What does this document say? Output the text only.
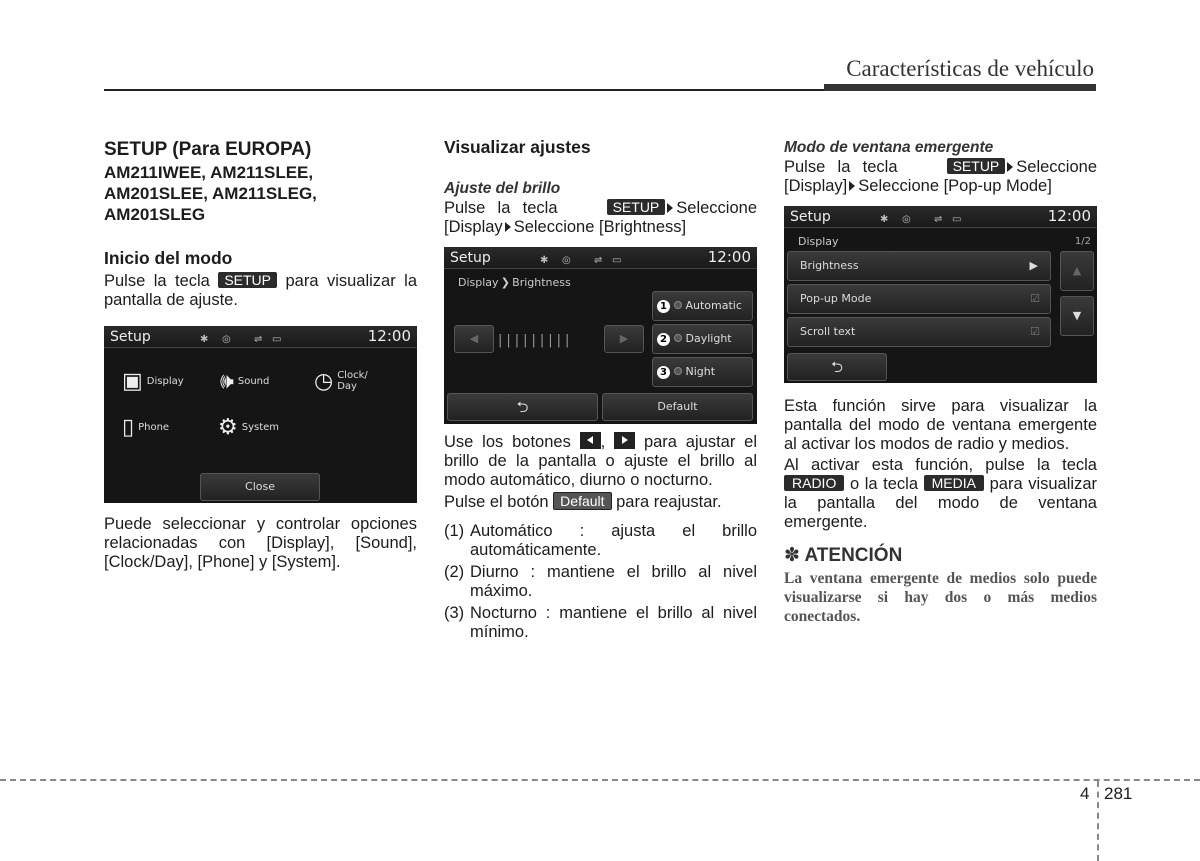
Características de vehículo
SETUP (Para EUROPA)
AM211IWEE, AM211SLEE,
AM201SLEE, AM211SLEG,
AM201SLEG
Inicio del modo

Pulse la tecla SETUP para visualizar la pantalla de ajuste.

Setup	✱ ◎ ⇌ ▭	12:00
▣ Display 🕪 Sound ◷ Clock/
Day
▯ Phone ⚙ System
Close

Puede seleccionar y controlar opciones relacionadas con [Display], [Sound], [Clock/Day], [Phone] y [System].

Visualizar ajustes
Ajuste del brillo

Pulse la tecla	SETUP Seleccione [Display Seleccione [Brightness]

Setup	✱ ◎ ⇌ ▭	12:00
Display ❯ Brightness
◀	|||||||||	▶
1 Automatic
2 Daylight
3 Night
⮌	Default

Use los botones , para ajustar el brillo de la pantalla o ajuste el brillo al modo automático, diurno o nocturno.

Pulse el botón Default para reajustar.

(1) Automático : ajusta el brillo automáticamente.
(2) Diurno : mantiene el brillo al nivel máximo.
(3) Nocturno : mantiene el brillo al nivel mínimo.
Modo de ventana emergente

Pulse la tecla	SETUP Seleccione [Display] Seleccione [Pop-up Mode]

Setup	✱ ◎ ⇌ ▭	12:00
Display	1/2
Brightness	▶
Pop-up Mode	☑
Scroll text	☑
▲
▼
⮌

Esta función sirve para visualizar la pantalla del modo de ventana emergente al activar los modos de radio y medios.

Al activar esta función, pulse la tecla RADIO o la tecla MEDIA para visualizar la pantalla del modo de ventana emergente.

✽ ATENCIÓN
La ventana emergente de medios solo puede visualizarse si hay dos o más medios conectados.
4 281
